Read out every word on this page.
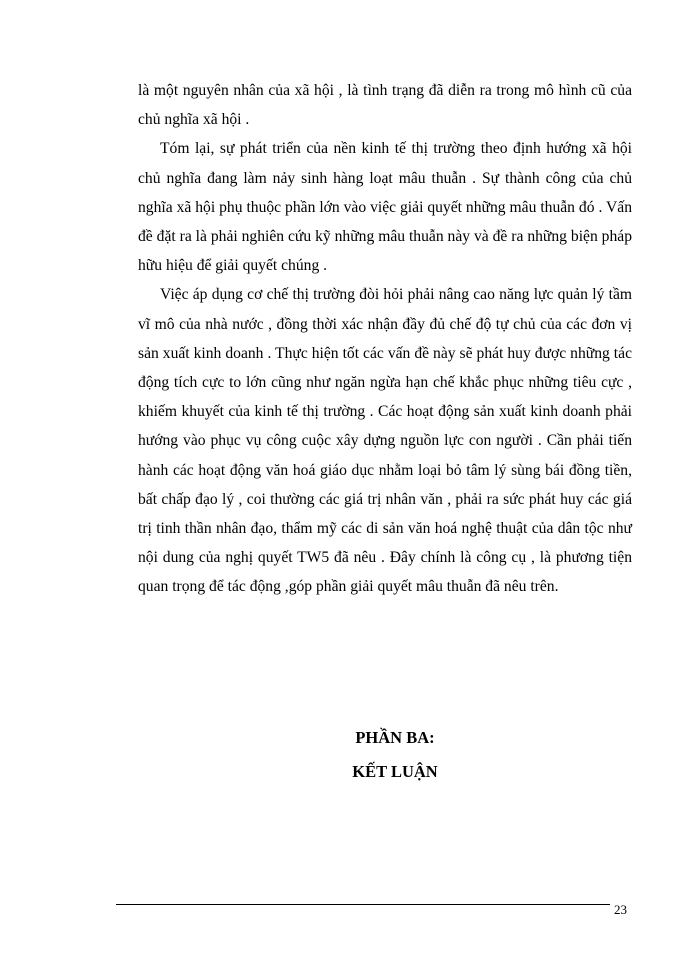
là một nguyên nhân của xã hội , là tình trạng đã diễn ra trong mô hình cũ của chủ nghĩa xã hội .

Tóm lại, sự phát triển của nền kinh tế thị trường theo định hướng xã hội chủ nghĩa đang làm nảy sinh hàng loạt mâu thuẫn . Sự thành công của chủ nghĩa xã hội phụ thuộc phần lớn vào việc giải quyết những mâu thuẫn đó . Vấn đề đặt ra là phải nghiên cứu kỹ những mâu thuẫn này và đề ra những biện pháp hữu hiệu để giải quyết chúng .

Việc áp dụng cơ chế thị trường đòi hỏi phải nâng cao năng lực quản lý tầm vĩ mô của nhà nước , đồng thời xác nhận đầy đủ chế độ tự chủ của các đơn vị sản xuất kinh doanh . Thực hiện tốt các vấn đề này sẽ phát huy được những tác động tích cực to lớn cũng như ngăn ngừa hạn chế khắc phục những tiêu cực , khiếm khuyết của kinh tế thị trường . Các hoạt động sản xuất kinh doanh phải hướng vào phục vụ công cuộc xây dựng nguồn lực con người . Cần phải tiến hành các hoạt động văn hoá giáo dục nhằm loại bỏ tâm lý sùng bái đồng tiền, bất chấp đạo lý , coi thường các giá trị nhân văn , phải ra sức phát huy các giá trị tinh thần nhân đạo, thẩm mỹ các di sản văn hoá nghệ thuật của dân tộc như nội dung của nghị quyết TW5 đã nêu . Đây chính là công cụ , là phương tiện quan trọng để tác động ,góp phần giải quyết mâu thuẫn đã nêu trên.

PHẦN BA:
KẾT LUẬN
23
